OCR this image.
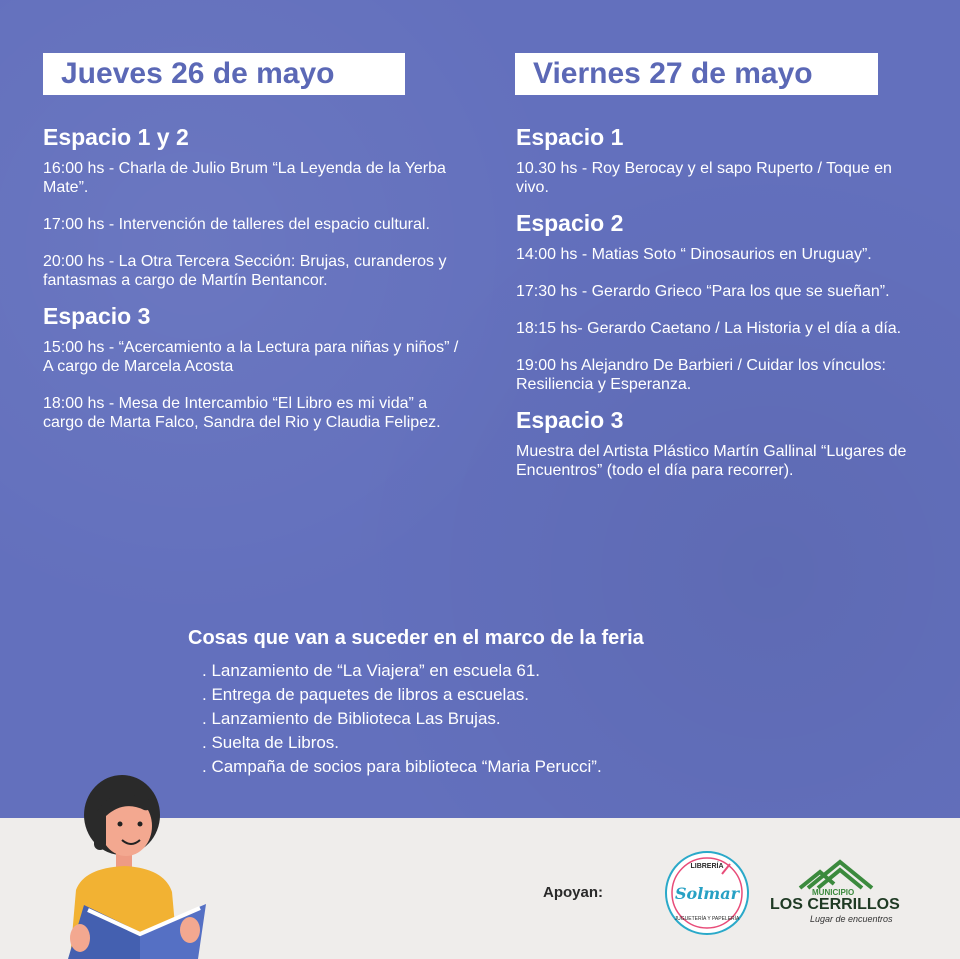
Jueves 26 de mayo
Espacio 1 y 2
16:00 hs - Charla de Julio Brum “La Leyenda de la Yerba Mate”.
17:00 hs - Intervención de talleres del espacio cultural.
20:00 hs - La Otra Tercera Sección: Brujas, curanderos y fantasmas a cargo de Martín Bentancor.
Espacio 3
15:00 hs - “Acercamiento a la Lectura para niñas y niños” / A cargo de Marcela Acosta
18:00 hs - Mesa de Intercambio “El Libro es mi vida” a cargo de Marta Falco, Sandra del Rio y Claudia Felipez.
Viernes 27 de mayo
Espacio 1
10.30 hs - Roy Berocay y el sapo Ruperto / Toque en vivo.
Espacio 2
14:00 hs - Matias Soto “ Dinosaurios en Uruguay”.
17:30 hs - Gerardo Grieco “Para los que se sueñan”.
18:15 hs- Gerardo Caetano / La Historia y el día a día.
19:00 hs Alejandro De Barbieri / Cuidar los vínculos: Resiliencia y Esperanza.
Espacio 3
Muestra del Artista Plástico Martín Gallinal “Lugares de Encuentros” (todo el día para recorrer).
Cosas que van a suceder en el marco de la feria
. Lanzamiento de “La Viajera” en escuela 61.
. Entrega de paquetes de libros a escuelas.
. Lanzamiento de Biblioteca Las Brujas.
. Suelta de Libros.
. Campaña de socios para biblioteca “Maria Perucci”.
Apoyan:
LIBRERÍA
Solmar
JUGUETERÍA Y PAPELERÍA
MUNICIPIO
LOS CERRILLOS
Lugar de encuentros
